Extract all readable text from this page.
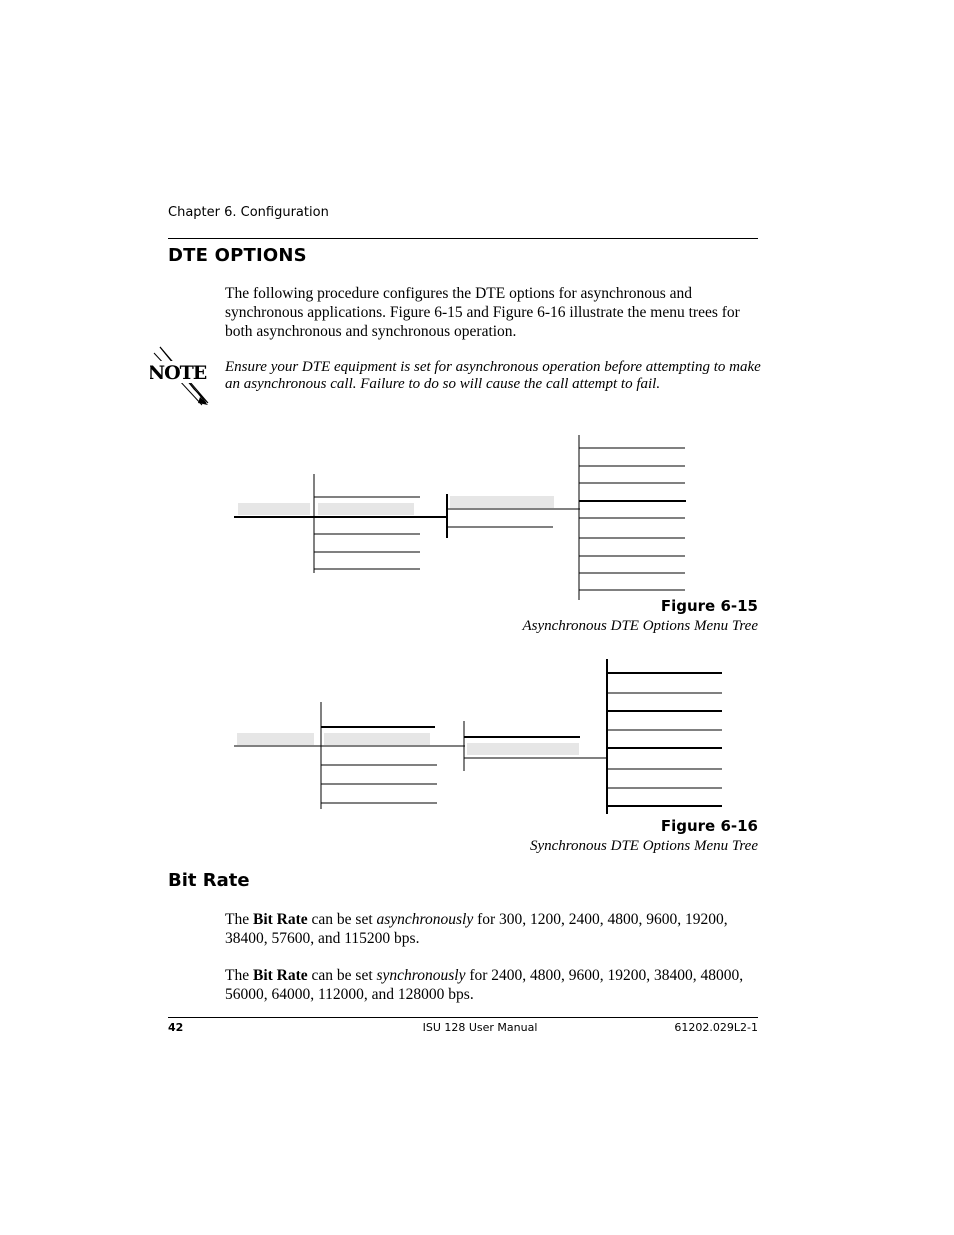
Chapter 6. Configuration
DTE OPTIONS
The following procedure configures the DTE options for asynchronous and synchronous applications. Figure 6-15 and Figure 6-16 illustrate the menu trees for both asynchronous and synchronous operation.
NOTE Ensure your DTE equipment is set for asynchronous operation before attempting to make an asynchronous call. Failure to do so will cause the call attempt to fail.
Figure 6-15
Asynchronous DTE Options Menu Tree
Figure 6-16
Synchronous DTE Options Menu Tree
Bit Rate
The Bit Rate can be set asynchronously for 300, 1200, 2400, 4800, 9600, 19200, 38400, 57600, and 115200 bps.
The Bit Rate can be set synchronously for 2400, 4800, 9600, 19200, 38400, 48000, 56000, 64000, 112000, and 128000 bps.
42	ISU 128 User Manual	61202.029L2-1
